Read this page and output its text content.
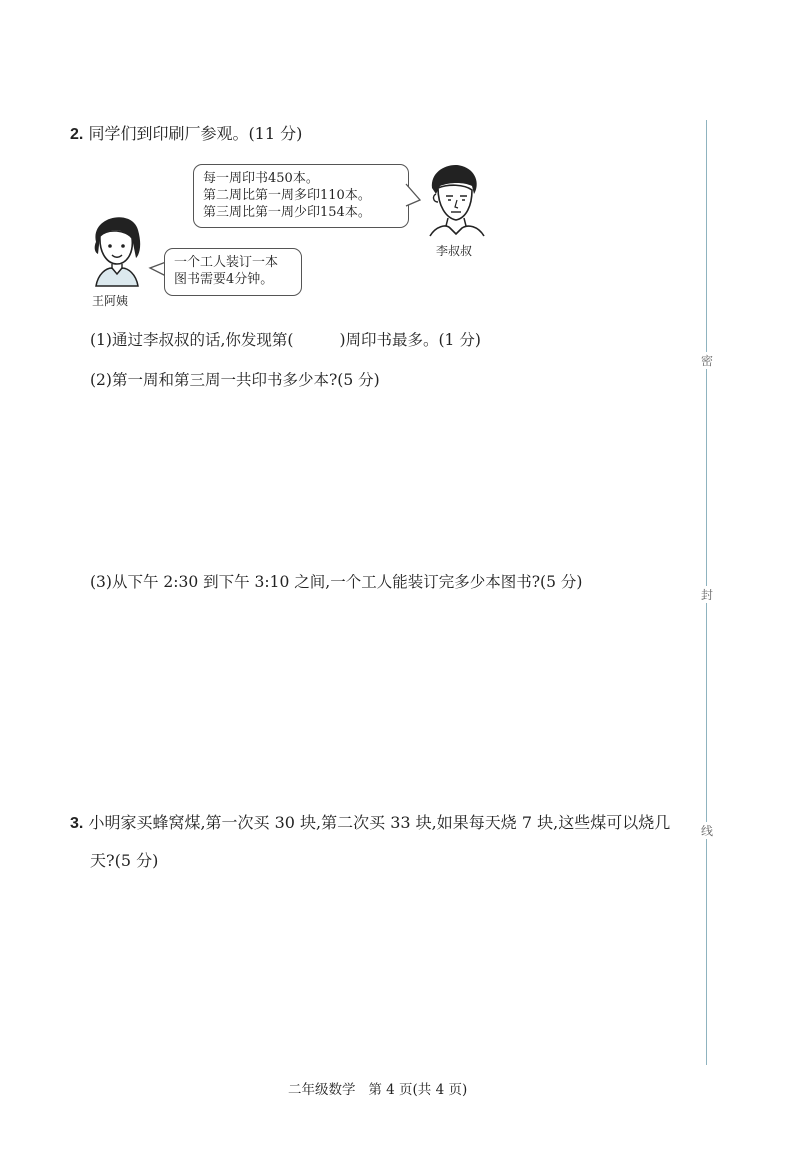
2. 同学们到印刷厂参观。(11 分)
每一周印书450本。
第二周比第一周多印110本。
第三周比第一周少印154本。
李叔叔
王阿姨
一个工人装订一本
图书需要4分钟。
(1)通过李叔叔的话,你发现第(	)周印书最多。(1 分)
(2)第一周和第三周一共印书多少本?(5 分)
(3)从下午 2:30 到下午 3:10 之间,一个工人能装订完多少本图书?(5 分)
3. 小明家买蜂窝煤,第一次买 30 块,第二次买 33 块,如果每天烧 7 块,这些煤可以烧几
天?(5 分)
密
封
线
二年级数学   第 4 页(共 4 页)
